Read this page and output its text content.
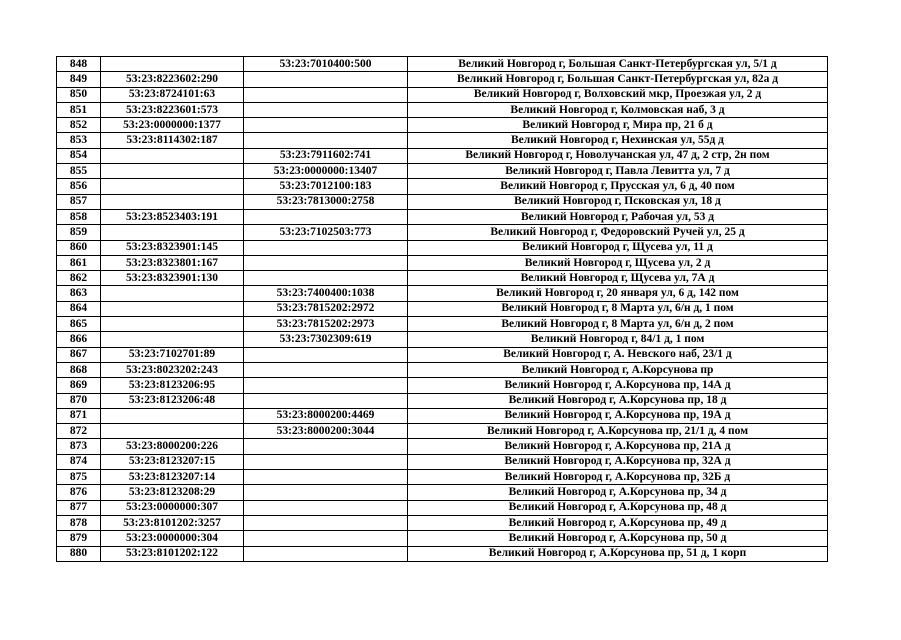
848		53:23:7010400:500	Великий Новгород г, Большая Санкт-Петербургская ул, 5/1 д
849	53:23:8223602:290		Великий Новгород г, Большая Санкт-Петербургская ул, 82а д
850	53:23:8724101:63		Великий Новгород г, Волховский мкр, Проезжая ул, 2 д
851	53:23:8223601:573		Великий Новгород г, Колмовская наб, 3 д
852	53:23:0000000:1377		Великий Новгород г, Мира пр, 21 б д
853	53:23:8114302:187		Великий Новгород г, Нехинская ул, 55д д
854		53:23:7911602:741	Великий Новгород г, Новолучанская ул, 47 д, 2 стр, 2н пом
855		53:23:0000000:13407	Великий Новгород г, Павла Левитта ул, 7 д
856		53:23:7012100:183	Великий Новгород г, Прусская ул, 6 д, 40 пом
857		53:23:7813000:2758	Великий Новгород г, Псковская ул, 18 д
858	53:23:8523403:191		Великий Новгород г, Рабочая ул, 53 д
859		53:23:7102503:773	Великий Новгород г, Федоровский Ручей ул, 25 д
860	53:23:8323901:145		Великий Новгород г, Щусева ул, 11 д
861	53:23:8323801:167		Великий Новгород г, Щусева ул, 2 д
862	53:23:8323901:130		Великий Новгород г, Щусева ул, 7А д
863		53:23:7400400:1038	Великий Новгород г, 20 января ул, 6 д, 142 пом
864		53:23:7815202:2972	Великий Новгород г, 8 Марта ул, 6/н д, 1 пом
865		53:23:7815202:2973	Великий Новгород г, 8 Марта ул, 6/н д, 2 пом
866		53:23:7302309:619	Великий Новгород г, 84/1 д, 1 пом
867	53:23:7102701:89		Великий Новгород г, А. Невского наб, 23/1 д
868	53:23:8023202:243		Великий Новгород г, А.Корсунова пр
869	53:23:8123206:95		Великий Новгород г, А.Корсунова пр, 14А д
870	53:23:8123206:48		Великий Новгород г, А.Корсунова пр, 18 д
871		53:23:8000200:4469	Великий Новгород г, А.Корсунова пр, 19А д
872		53:23:8000200:3044	Великий Новгород г, А.Корсунова пр, 21/1 д, 4 пом
873	53:23:8000200:226		Великий Новгород г, А.Корсунова пр, 21А д
874	53:23:8123207:15		Великий Новгород г, А.Корсунова пр, 32А д
875	53:23:8123207:14		Великий Новгород г, А.Корсунова пр, 32Б д
876	53:23:8123208:29		Великий Новгород г, А.Корсунова пр, 34 д
877	53:23:0000000:307		Великий Новгород г, А.Корсунова пр, 48 д
878	53:23:8101202:3257		Великий Новгород г, А.Корсунова пр, 49 д
879	53:23:0000000:304		Великий Новгород г, А.Корсунова пр, 50 д
880	53:23:8101202:122		Великий Новгород г, А.Корсунова пр, 51 д, 1 корп
